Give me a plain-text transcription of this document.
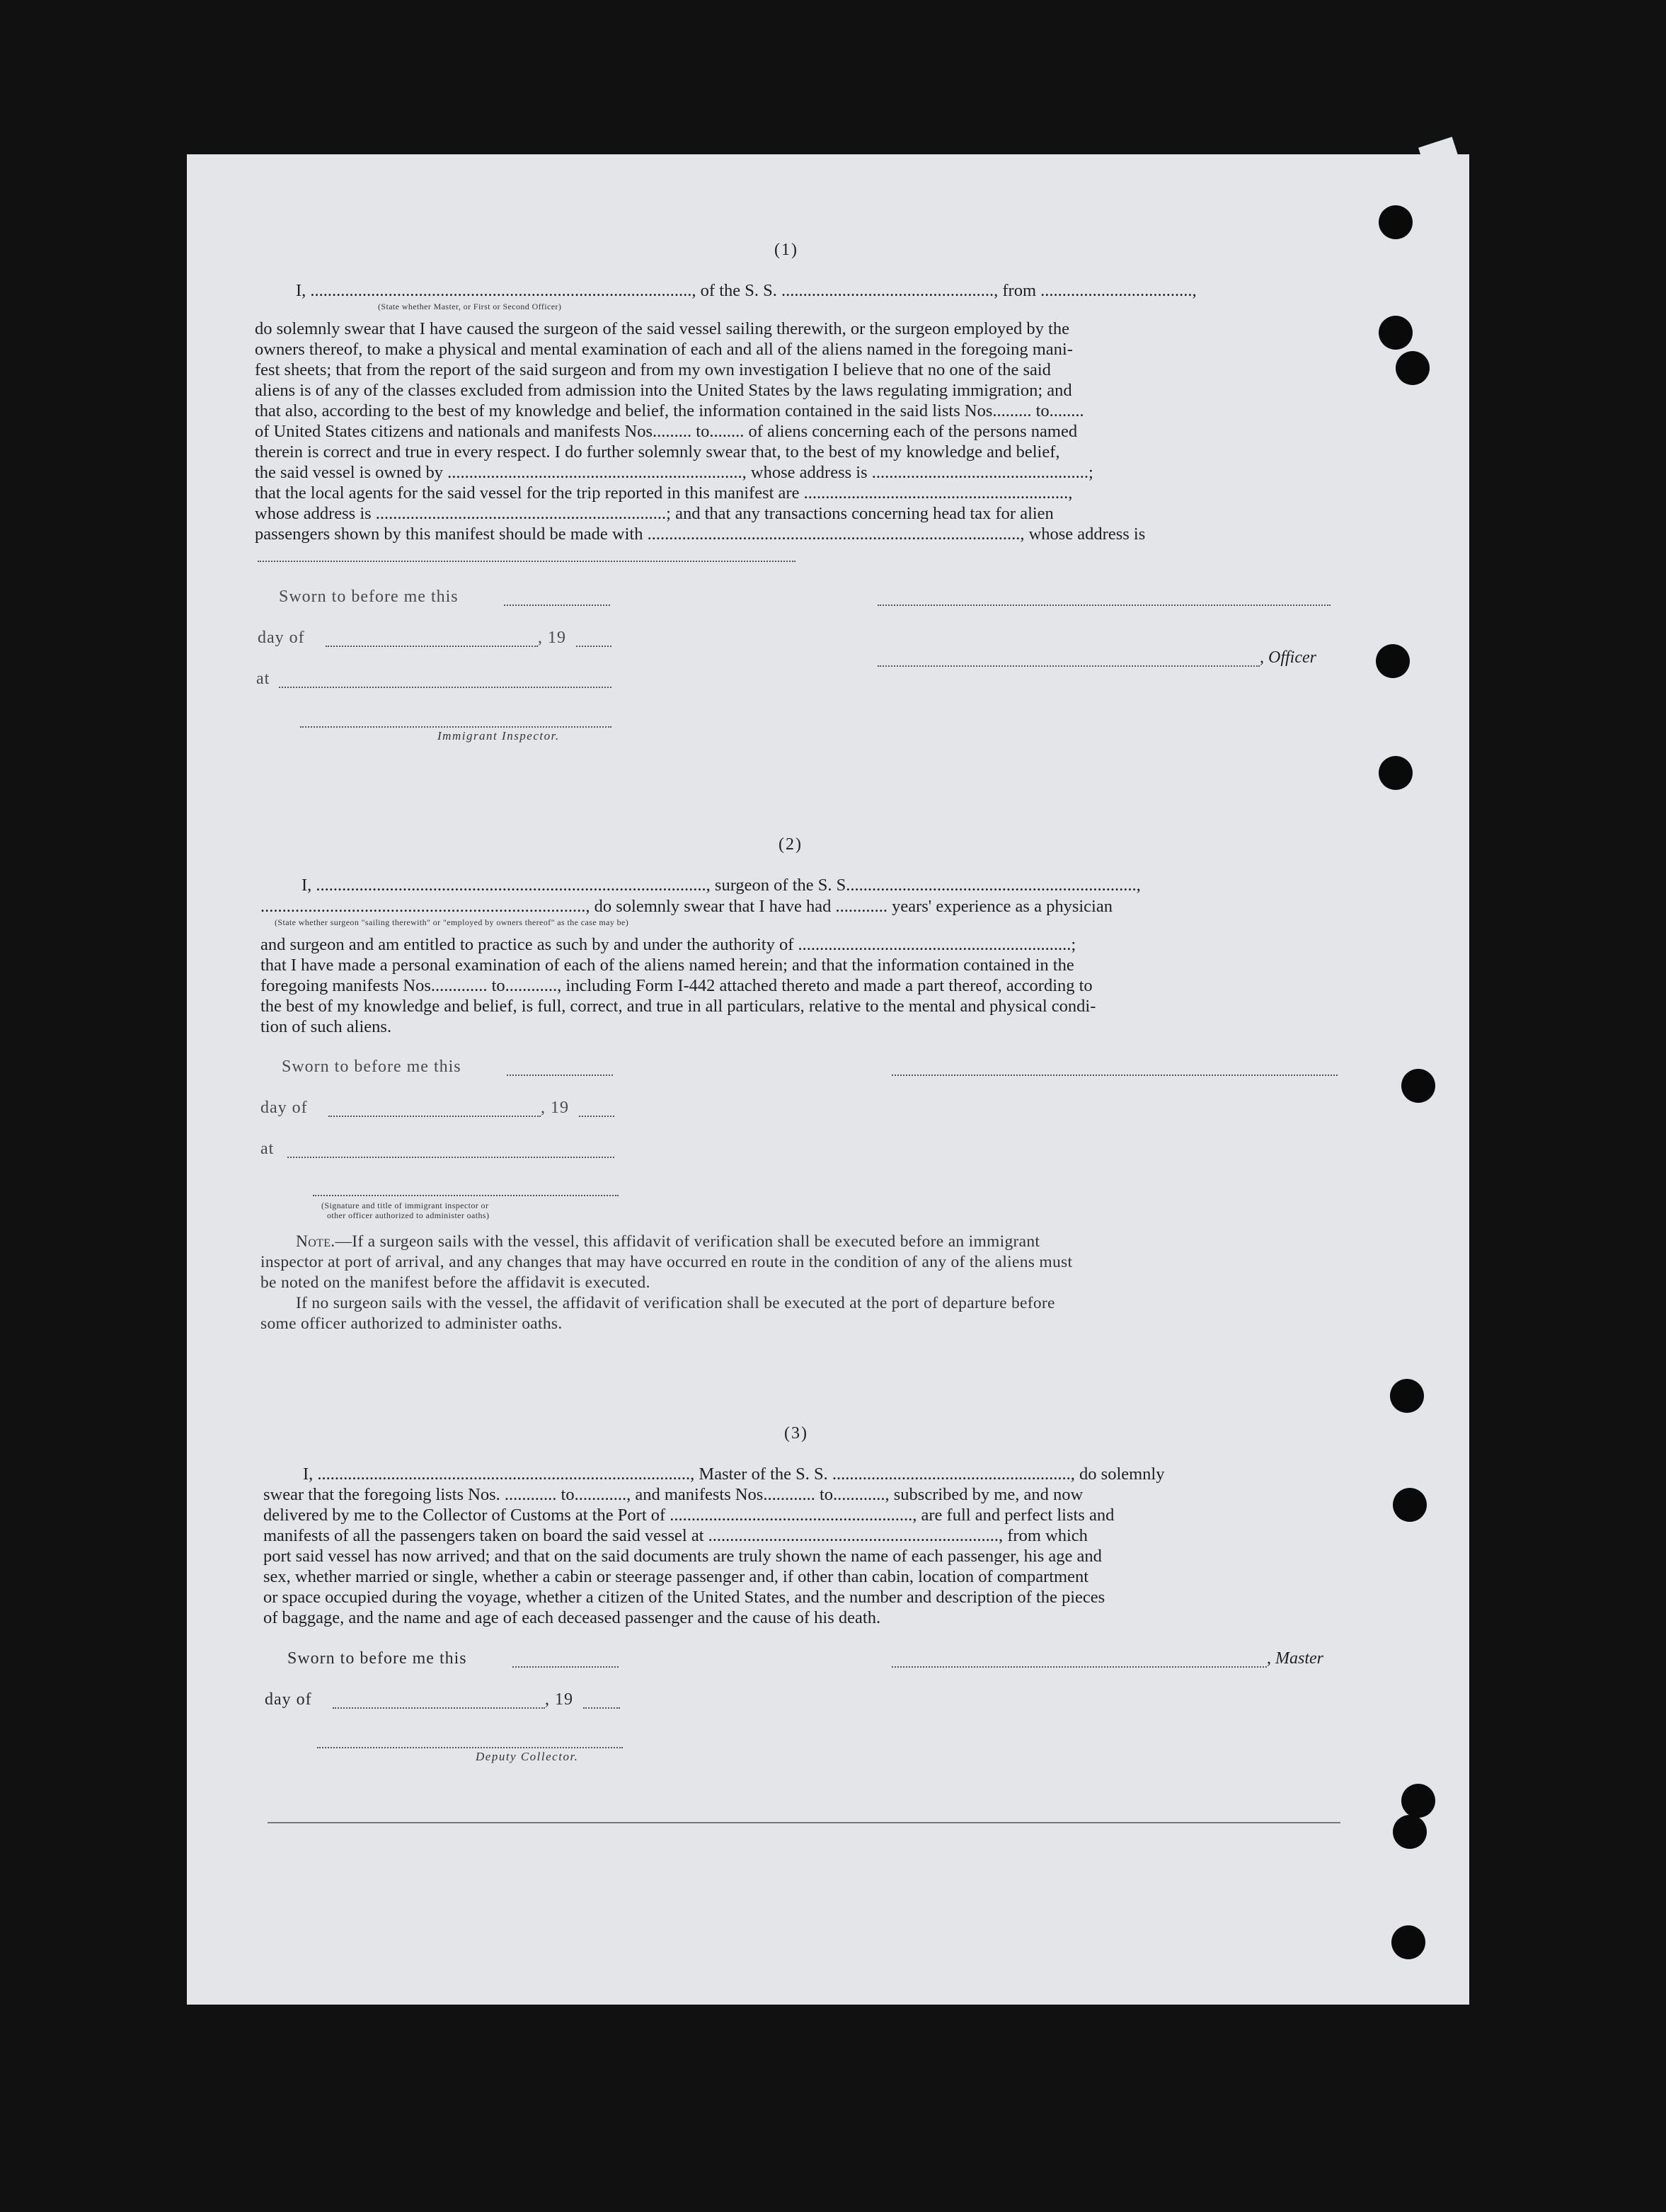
(1)
I, ........................................................................................, of the S. S. ................................................., from ...................................,
(State whether Master, or First or Second Officer)
do solemnly swear that I have caused the surgeon of the said vessel sailing therewith, or the surgeon employed by the
owners thereof, to make a physical and mental examination of each and all of the aliens named in the foregoing mani-
fest sheets; that from the report of the said surgeon and from my own investigation I believe that no one of the said
aliens is of any of the classes excluded from admission into the United States by the laws regulating immigration; and
that also, according to the best of my knowledge and belief, the information contained in the said lists Nos......... to........
of United States citizens and nationals and manifests Nos......... to........ of aliens concerning each of the persons named
therein is correct and true in every respect. I do further solemnly swear that, to the best of my knowledge and belief,
the said vessel is owned by ...................................................................., whose address is ..................................................;
that the local agents for the said vessel for the trip reported in this manifest are .............................................................,
whose address is ...................................................................; and that any transactions concerning head tax for alien
passengers shown by this manifest should be made with ......................................................................................, whose address is
Sworn to before me this
day of	, 19
, Officer
at
Immigrant Inspector.
(2)
I, .........................................................................................., surgeon of the S. S...................................................................,
..........................................................................., do solemnly swear that I have had ............ years' experience as a physician
(State whether surgeon "sailing therewith" or "employed by owners thereof" as the case may be)
and surgeon and am entitled to practice as such by and under the authority of ...............................................................;
that I have made a personal examination of each of the aliens named herein; and that the information contained in the
foregoing manifests Nos............. to............, including Form I-442 attached thereto and made a part thereof, according to
the best of my knowledge and belief, is full, correct, and true in all particulars, relative to the mental and physical condi-
tion of such aliens.
Sworn to before me this
day of	, 19
at
(Signature and title of immigrant inspector or
other officer authorized to administer oaths)
Note.—If a surgeon sails with the vessel, this affidavit of verification shall be executed before an immigrant
inspector at port of arrival, and any changes that may have occurred en route in the condition of any of the aliens must
be noted on the manifest before the affidavit is executed.
If no surgeon sails with the vessel, the affidavit of verification shall be executed at the port of departure before
some officer authorized to administer oaths.
(3)
I, ......................................................................................, Master of the S. S. ......................................................., do solemnly
swear that the foregoing lists Nos. ............ to............, and manifests Nos............ to............, subscribed by me, and now
delivered by me to the Collector of Customs at the Port of ........................................................, are full and perfect lists and
manifests of all the passengers taken on board the said vessel at ..................................................................., from which
port said vessel has now arrived; and that on the said documents are truly shown the name of each passenger, his age and
sex, whether married or single, whether a cabin or steerage passenger and, if other than cabin, location of compartment
or space occupied during the voyage, whether a citizen of the United States, and the number and description of the pieces
of baggage, and the name and age of each deceased passenger and the cause of his death.
Sworn to before me this	, Master
day of	, 19
Deputy Collector.
